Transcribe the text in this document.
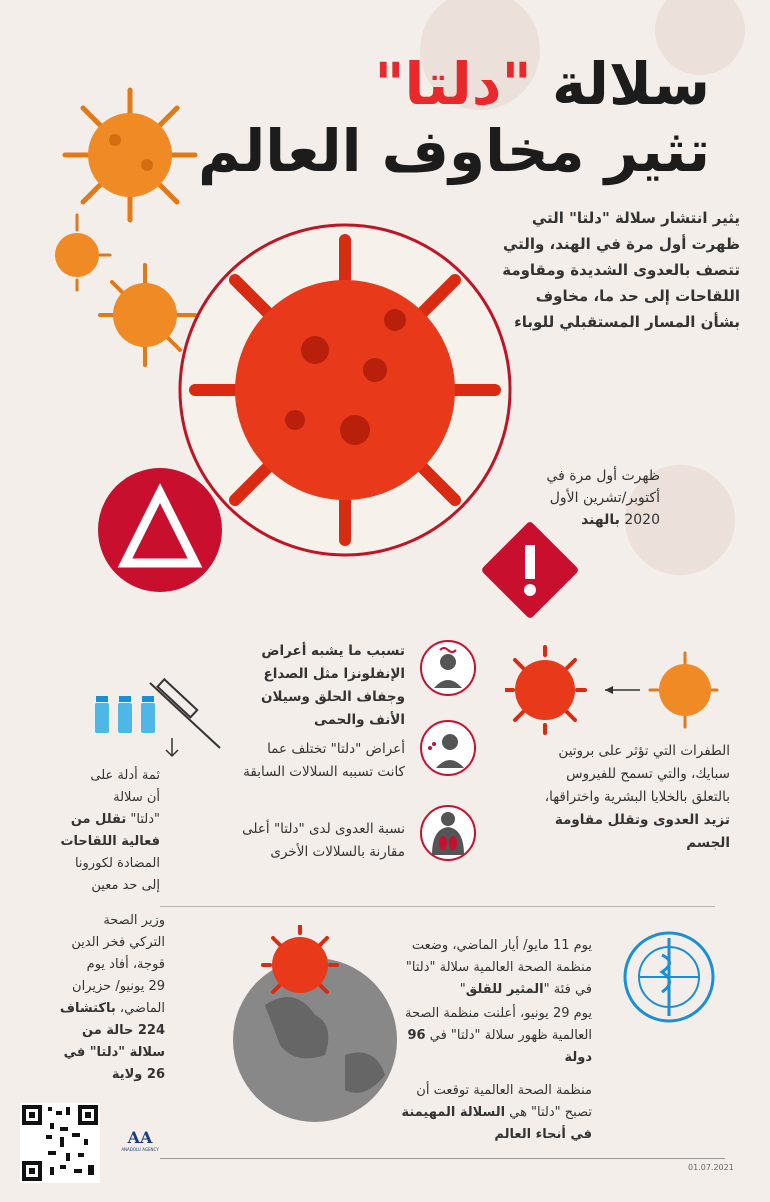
سلالة "دلتا"
تثير مخاوف العالم
يثير انتشار سلالة "دلتا" التي ظهرت أول مرة في الهند، والتي تتصف بالعدوى الشديدة ومقاومة اللقاحات إلى حد ما، مخاوف بشأن المسار المستقبلي للوباء
ظهرت أول مرة في
أكتوبر/تشرين الأول
2020 بالهند
تسبب ما يشبه أعراض الإنفلونزا مثل الصداع وجفاف الحلق وسيلان الأنف والحمى
أعراض "دلتا" تختلف عما كانت تسببه السلالات السابقة
نسبة العدوى لدى "دلتا" أعلى مقارنة بالسلالات الأخرى
الطفرات التي تؤثر على بروتين سبايك، والتي تسمح للفيروس بالتعلق بالخلايا البشرية واختراقها، تزيد العدوى وتقلل مقاومة الجسم
ثمة أدلة على
أن سلالة
"دلتا" تقلل من
فعالية اللقاحات
المضادة لكورونا
إلى حد معين
وزير الصحة
التركي فخر الدين
قوجة، أفاد يوم
29 يونيو/ حزيران
الماضي، باكتشاف
224 حالة من
سلالة "دلتا" في
26 ولاية
يوم 11 مايو/ أيار الماضي، وضعت منظمة الصحة العالمية سلالة "دلتا" في فئة "المثير للقلق"
يوم 29 يونيو، أعلنت منظمة الصحة العالمية ظهور سلالة "دلتا" في 96 دولة
منظمة الصحة العالمية توقعت أن تصبح "دلتا" هي السلالة المهيمنة في أنحاء العالم
AA
ANADOLU AGENCY
01.07.2021
